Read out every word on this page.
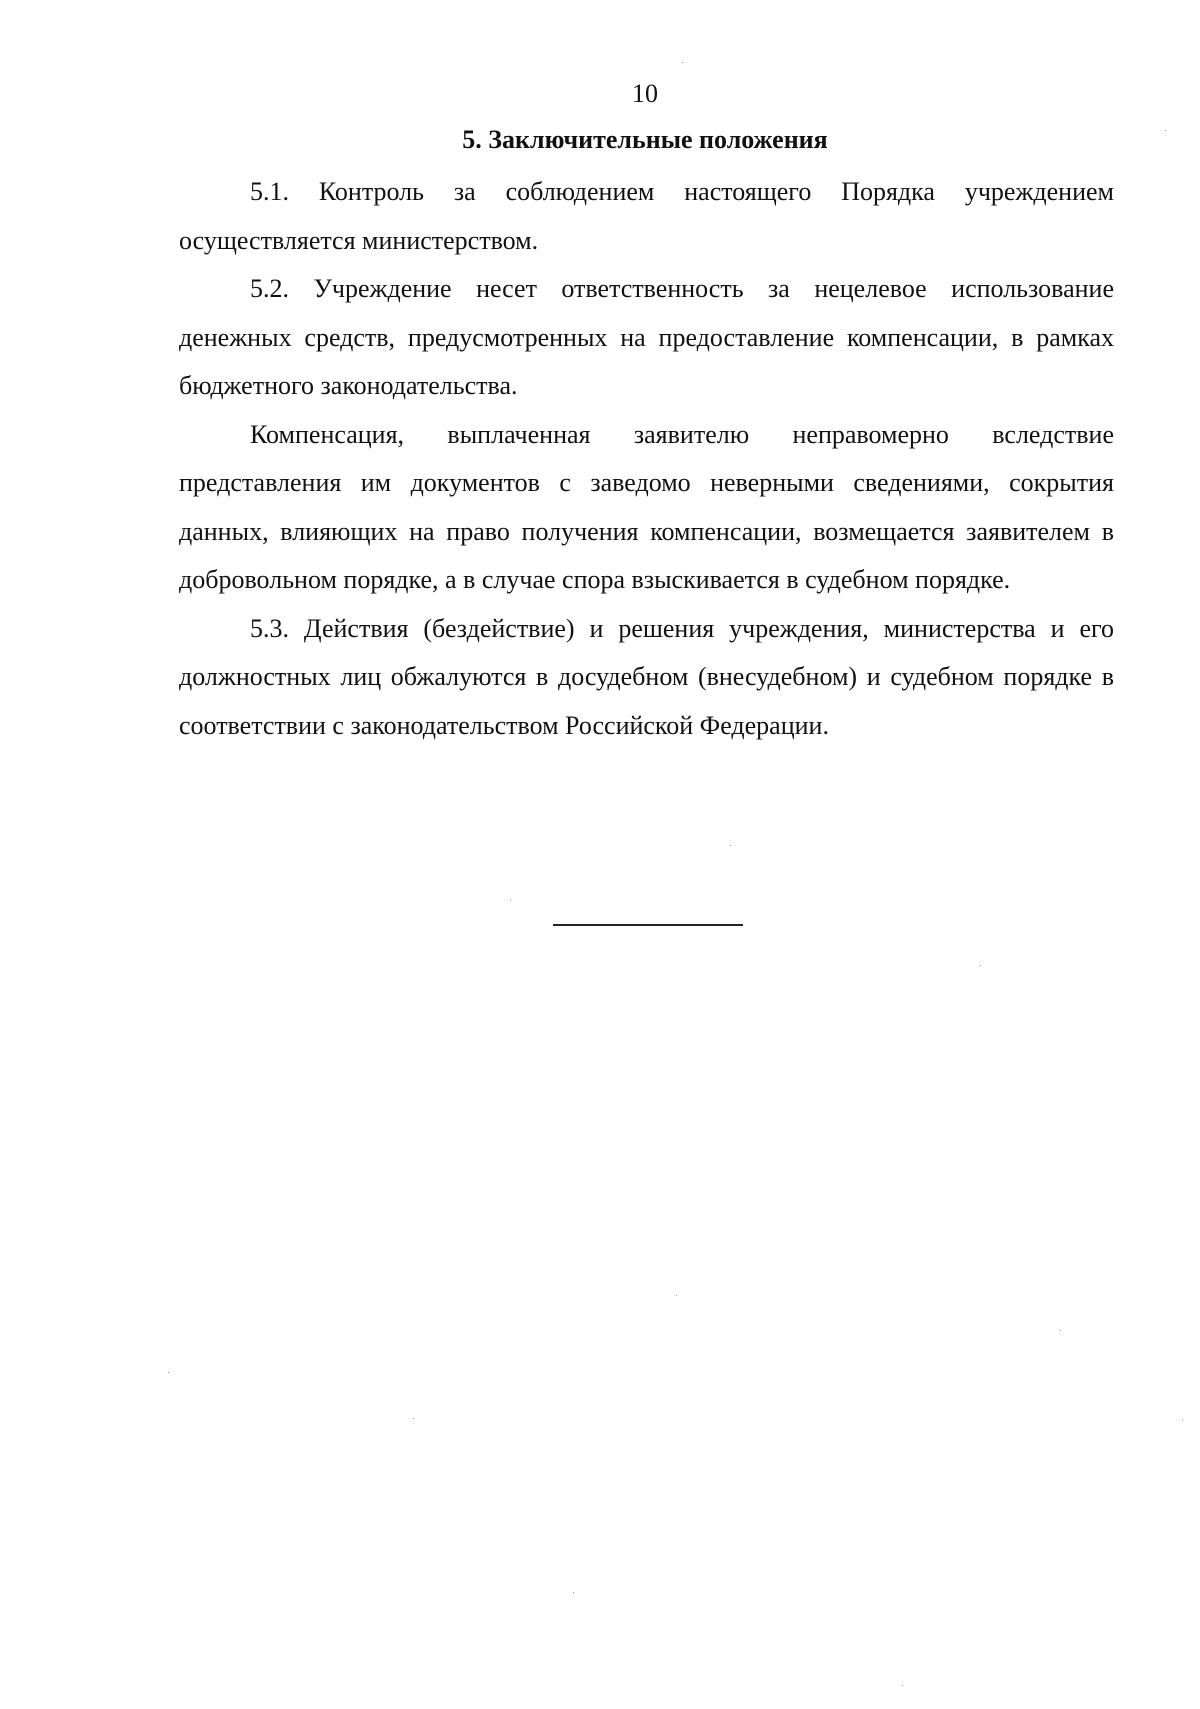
10
5. Заключительные положения

5.1. Контроль за соблюдением настоящего Порядка учреждением осуществляется министерством.

5.2. Учреждение несет ответственность за нецелевое использование денежных средств, предусмотренных на предоставление компенсации, в рамках бюджетного законодательства.

Компенсация, выплаченная заявителю неправомерно вследствие представления им документов с заведомо неверными сведениями, сокрытия данных, влияющих на право получения компенсации, возмещается заявителем в добровольном порядке, а в случае спора взыскивается в судебном порядке.

5.3. Действия (бездействие) и решения учреждения, министерства и его должностных лиц обжалуются в досудебном (внесудебном) и судебном порядке в соответствии с законодательством Российской Федерации.
